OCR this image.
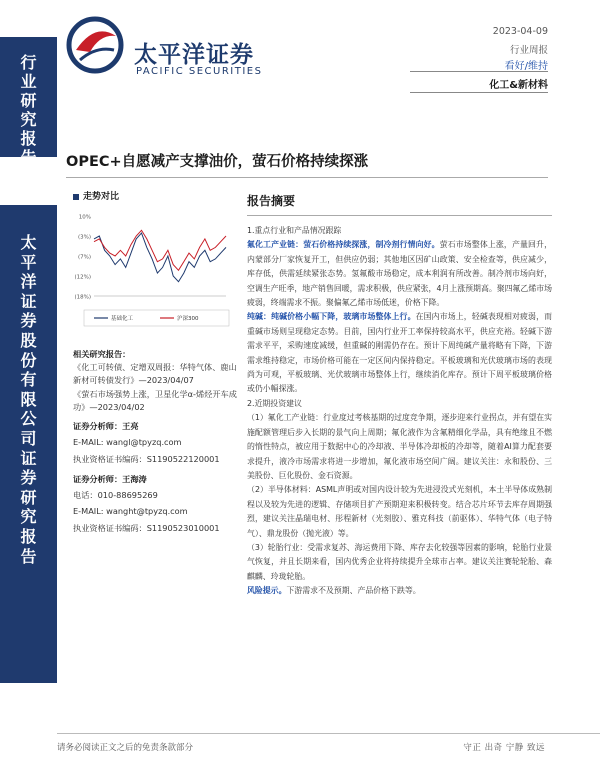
行业研究报告
太平洋证券股份有限公司证券研究报告
太平洋证券
PACIFIC SECURITIES
2023-04-09
行业周报
看好/维持
化工&新材料
OPEC+自愿减产支撑油价，萤石价格持续探涨
走势对比
10%
(3%)
(7%)
(12%)
(18%)
基础化工	沪深300

相关研究报告：

《化工可转债、定增双周报：华特气体、鹿山新材可转债发行》—2023/04/07

《萤石市场强势上涨，卫星化学α-烯烃开车成功》—2023/04/02

证券分析师：王亮

E-MAIL: wangl@tpyzq.com

执业资格证书编码：S1190522120001

证券分析师：王海涛

电话：010-88695269

E-MAIL: wanght@tpyzq.com

执业资格证书编码：S1190523010001

报告摘要

1.重点行业和产品情况跟踪

氟化工产业链：萤石价格持续探涨，制冷剂行情向好。萤石市场整体上涨，产量回升，内蒙部分厂家恢复开工，但供应仍弱；其他地区因矿山政策、安全检查等，供应减少，库存低，供需延续紧张态势。氢氟酸市场稳定，成本利润有所改善。制冷剂市场向好，空调生产旺季，地产销售回暖，需求积极，供应紧张，4月上涨预期高。聚四氟乙烯市场疲弱，终端需求不振。聚偏氟乙烯市场低迷，价格下降。

纯碱：纯碱价格小幅下降，玻璃市场整体上行。在国内市场上，轻碱表现相对疲弱，而重碱市场则呈现稳定态势。目前，国内行业开工率保持较高水平，供应充裕。轻碱下游需求平平，采购速度减缓，但重碱的刚需仍存在。预计下周纯碱产量将略有下降，下游需求维持稳定，市场价格可能在一定区间内保持稳定。平板玻璃和光伏玻璃市场的表现尚为可观，平板玻璃、光伏玻璃市场整体上行，继续消化库存。预计下周平板玻璃价格或仍小幅探涨。

2.近期投资建议

（1）氟化工产业链：行业度过考核基期的过度竞争期，逐步迎来行业拐点，并有望在实施配额管理后步入长期的景气向上周期；氟化液作为含氟精细化学品，具有绝缘且不燃的惰性特点，被应用于数据中心的冷却液、半导体冷却板的冷却等，随着AI算力配套要求提升，液冷市场需求将进一步增加，氟化液市场空间广阔。建议关注：永和股份、三美股份、巨化股份、金石资源。

（2）半导体材料：ASML声明或对国内设计较为先进浸没式光刻机，本土半导体成熟制程以及较为先进的逻辑、存储项目扩产预期迎来积极转变。结合芯片环节去库存周期强烈，建议关注晶瑞电材、彤程新材（光刻胶）、雅克科技（前驱体）、华特气体（电子特气）、鼎龙股份（抛光液）等。

（3）轮胎行业：受需求复苏、海运费用下降、库存去化较强等因素的影响，轮胎行业景气恢复，并且长期来看，国内优秀企业将持续提升全球市占率。建议关注赛轮轮胎、森麒麟、玲珑轮胎。

风险提示。下游需求不及预期、产品价格下跌等。

请务必阅读正文之后的免责条款部分	守正 出奇 宁静 致远
